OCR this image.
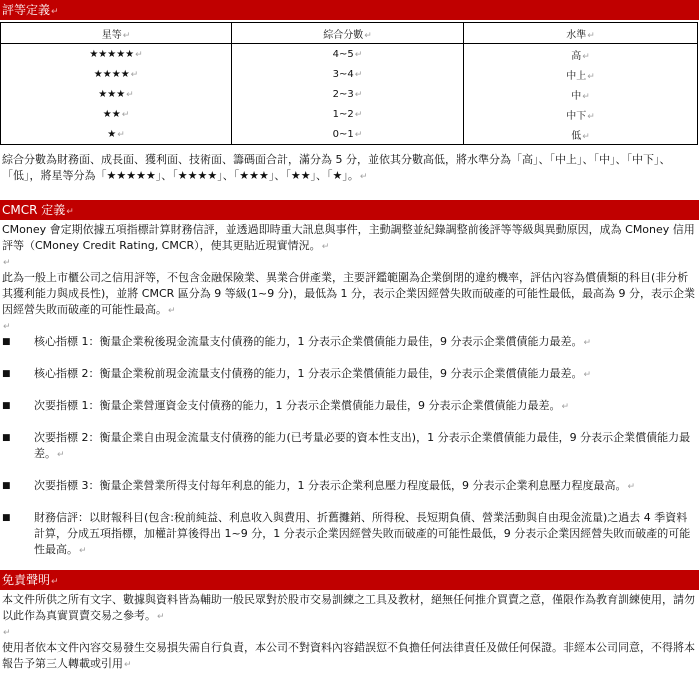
評等定義↵
星等↵	綜合分數↵	水準↵
★★★★★↵	4~5↵	高↵
★★★★↵	3~4↵	中上↵
★★★↵	2~3↵	中↵
★★↵	1~2↵	中下↵
★↵	0~1↵	低↵

綜合分數為財務面、成長面、獲利面、技術面、籌碼面合計，滿分為 5 分，並依其分數高低，將水準分為「高」、「中上」、「中」、「中下」、「低」，將星等分為「★★★★★」、「★★★★」、「★★★」、「★★」、「★」。↵

CMCR 定義↵

CMoney 會定期依據五項指標計算財務信評，並透過即時重大訊息與事件，主動調整並紀錄調整前後評等等級與異動原因，成為 CMoney 信用評等（CMoney Credit Rating, CMCR），使其更貼近現實情況。↵

↵

此為一般上市櫃公司之信用評等，不包含金融保險業、異業合併產業，主要評鑑範圍為企業倒閉的違約機率，評估內容為償債類的科目(非分析其獲利能力與成長性)，並將 CMCR 區分為 9 等級(1~9 分)，最低為 1 分，表示企業因經營失敗而破產的可能性最低，最高為 9 分，表示企業因經營失敗而破產的可能性最高。↵

↵
■ 核心指標 1：衡量企業稅後現金流量支付債務的能力，1 分表示企業償債能力最佳，9 分表示企業償債能力最差。↵
■ 核心指標 2：衡量企業稅前現金流量支付債務的能力，1 分表示企業償債能力最佳，9 分表示企業償債能力最差。↵
■ 次要指標 1：衡量企業營運資金支付債務的能力，1 分表示企業償債能力最佳，9 分表示企業償債能力最差。↵
■ 次要指標 2：衡量企業自由現金流量支付債務的能力(已考量必要的資本性支出)，1 分表示企業償債能力最佳，9 分表示企業償債能力最差。↵
■ 次要指標 3：衡量企業營業所得支付每年利息的能力，1 分表示企業利息壓力程度最低，9 分表示企業利息壓力程度最高。↵
■ 財務信評：以財報科目(包含:稅前純益、利息收入與費用、折舊攤銷、所得稅、長短期負債、營業活動與自由現金流量)之過去 4 季資料計算，分成五項指標，加權計算後得出 1~9 分，1 分表示企業因經營失敗而破產的可能性最低，9 分表示企業因經營失敗而破產的可能性最高。↵
免責聲明↵

本文件所供之所有文字、數據與資料皆為輔助一般民眾對於股市交易訓練之工具及教材，絕無任何推介買賣之意，僅限作為教育訓練使用，請勿以此作為真實買賣交易之參考。↵

↵

使用者依本文件內容交易發生交易損失需自行負責，本公司不對資料內容錯誤愆不負擔任何法律責任及做任何保證。非經本公司同意，不得將本報告予第三人轉載或引用↵
